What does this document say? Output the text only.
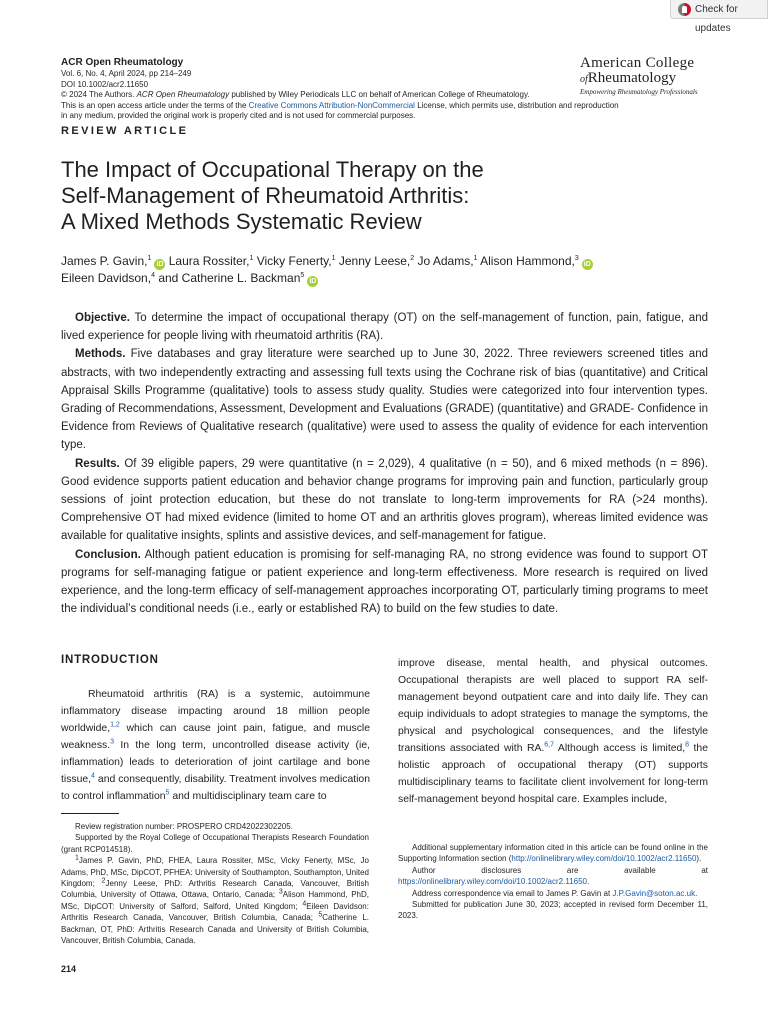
Check for updates
ACR Open Rheumatology
Vol. 6, No. 4, April 2024, pp 214–249
DOI 10.1002/acr2.11650
© 2024 The Authors. ACR Open Rheumatology published by Wiley Periodicals LLC on behalf of American College of Rheumatology.
This is an open access article under the terms of the Creative Commons Attribution-NonCommercial License, which permits use, distribution and reproduction in any medium, provided the original work is properly cited and is not used for commercial purposes.
American College
ofRheumatology
Empowering Rheumatology Professionals
REVIEW ARTICLE
The Impact of Occupational Therapy on the
Self-Management of Rheumatoid Arthritis:
A Mixed Methods Systematic Review
James P. Gavin,$^1$iD Laura Rossiter,$^1$ Vicky Fenerty,$^1$ Jenny Leese,$^2$ Jo Adams,$^1$ Alison Hammond,$^3$iD
Eileen Davidson,$^4$ and Catherine L. Backman$^5$iD

Objective. To determine the impact of occupational therapy (OT) on the self-management of function, pain, fatigue, and lived experience for people living with rheumatoid arthritis (RA).

Methods. Five databases and gray literature were searched up to June 30, 2022. Three reviewers screened titles and abstracts, with two independently extracting and assessing full texts using the Cochrane risk of bias (quantitative) and Critical Appraisal Skills Programme (qualitative) tools to assess study quality. Studies were categorized into four intervention types. Grading of Recommendations, Assessment, Development and Evaluations (GRADE) (quantitative) and GRADE- Confidence in Evidence from Reviews of Qualitative research (qualitative) were used to assess the quality of evidence for each intervention type.

Results. Of 39 eligible papers, 29 were quantitative (n = 2,029), 4 qualitative (n = 50), and 6 mixed methods (n = 896). Good evidence supports patient education and behavior change programs for improving pain and function, particularly group sessions of joint protection education, but these do not translate to long-term improvements for RA (>24 months). Comprehensive OT had mixed evidence (limited to home OT and an arthritis gloves program), whereas limited evidence was available for qualitative insights, splints and assistive devices, and self-management for fatigue.

Conclusion. Although patient education is promising for self-managing RA, no strong evidence was found to support OT programs for self-managing fatigue or patient experience and long-term effectiveness. More research is required on lived experience, and the long-term efficacy of self-management approaches incorporating OT, particularly timing programs to meet the individual’s conditional needs (i.e., early or established RA) to build on the few studies to date.

INTRODUCTION

Rheumatoid arthritis (RA) is a systemic, autoimmune inflammatory disease impacting around 18 million people worldwide,$^{1,2}$ which can cause joint pain, fatigue, and muscle weakness.$^3$ In the long term, uncontrolled disease activity (ie, inflammation) leads to deterioration of joint cartilage and bone tissue,$^4$ and consequently, disability. Treatment involves medication to control inflammation$^5$ and multidisciplinary team care to

improve disease, mental health, and physical outcomes. Occupational therapists are well placed to support RA self-management beyond outpatient care and into daily life. They can equip individuals to adopt strategies to manage the symptoms, the physical and psychological consequences, and the lifestyle transitions associated with RA.$^{6,7}$ Although access is limited,$^8$ the holistic approach of occupational therapy (OT) supports multidisciplinary teams to facilitate client involvement for long-term self-management beyond hospital care. Examples include,

Review registration number: PROSPERO CRD42022302205.

Supported by the Royal College of Occupational Therapists Research Foundation (grant RCP014518).

$^1$James P. Gavin, PhD, FHEA, Laura Rossiter, MSc, Vicky Fenerty, MSc, Jo Adams, PhD, MSc, DipCOT, PFHEA: University of Southampton, Southampton, United Kingdom; $^2$Jenny Leese, PhD: Arthritis Research Canada, Vancouver, British Columbia, University of Ottawa, Ottawa, Ontario, Canada; $^3$Alison Hammond, PhD, MSc, DipCOT: University of Salford, Salford, United Kingdom; $^4$Eileen Davidson: Arthritis Research Canada, Vancouver, British Columbia, Canada; $^5$Catherine L. Backman, OT, PhD: Arthritis Research Canada and University of British Columbia, Vancouver, British Columbia, Canada.

Additional supplementary information cited in this article can be found online in the Supporting Information section (http://onlinelibrary.wiley.com/doi/10.1002/acr2.11650).

Author disclosures are available at https://onlinelibrary.wiley.com/doi/10.1002/acr2.11650.

Address correspondence via email to James P. Gavin at J.P.Gavin@soton.ac.uk.

Submitted for publication June 30, 2023; accepted in revised form December 11, 2023.

214
